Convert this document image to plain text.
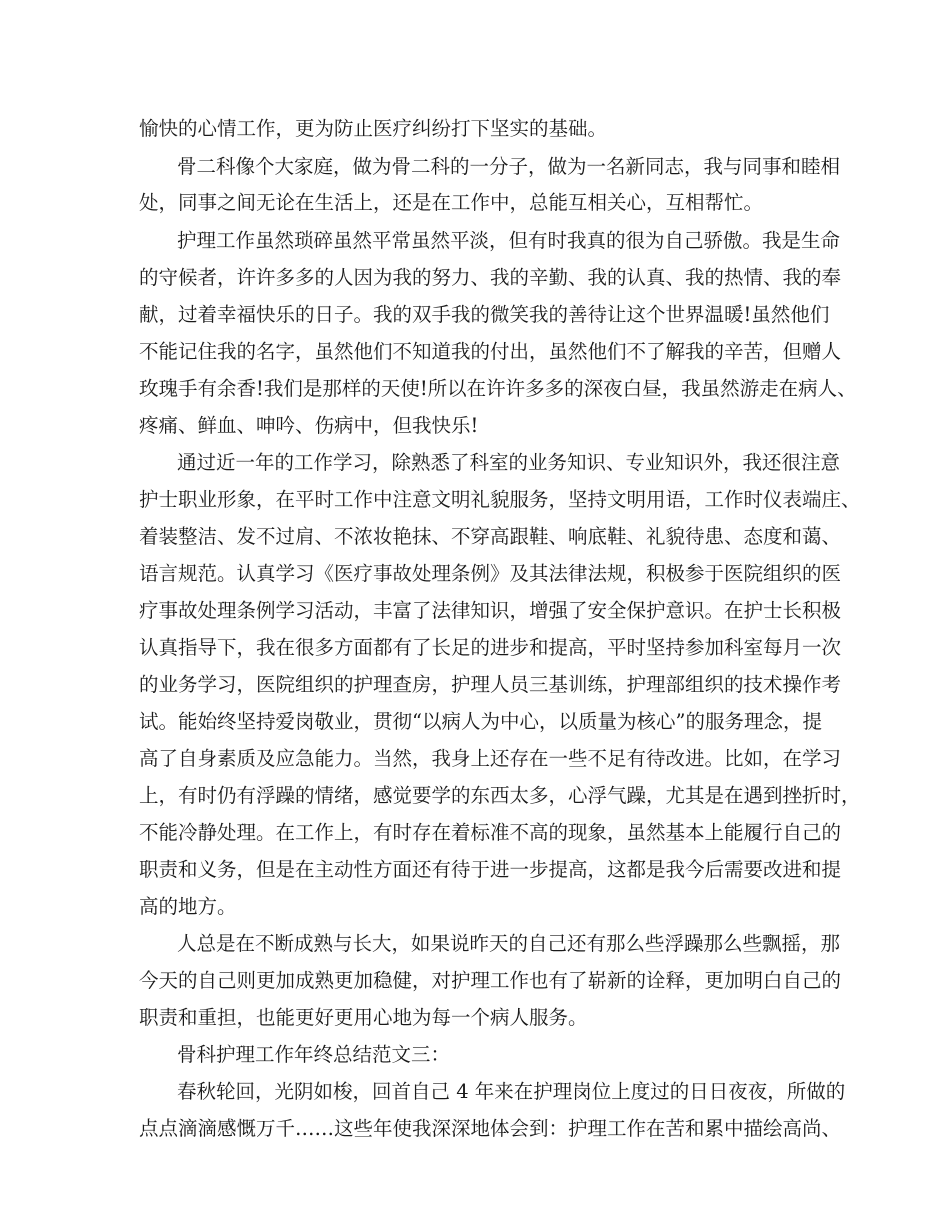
愉快的心情工作，更为防止医疗纠纷打下坚实的基础。
骨二科像个大家庭，做为骨二科的一分子，做为一名新同志，我与同事和睦相
处，同事之间无论在生活上，还是在工作中，总能互相关心，互相帮忙。
护理工作虽然琐碎虽然平常虽然平淡，但有时我真的很为自己骄傲。我是生命
的守候者，许许多多的人因为我的努力、我的辛勤、我的认真、我的热情、我的奉
献，过着幸福快乐的日子。我的双手我的微笑我的善待让这个世界温暖!虽然他们
不能记住我的名字，虽然他们不知道我的付出，虽然他们不了解我的辛苦，但赠人
玫瑰手有余香!我们是那样的天使!所以在许许多多的深夜白昼，我虽然游走在病人、
疼痛、鲜血、呻吟、伤病中，但我快乐!
通过近一年的工作学习，除熟悉了科室的业务知识、专业知识外，我还很注意
护士职业形象，在平时工作中注意文明礼貌服务，坚持文明用语，工作时仪表端庄、
着装整洁、发不过肩、不浓妆艳抹、不穿高跟鞋、响底鞋、礼貌待患、态度和蔼、
语言规范。认真学习《医疗事故处理条例》及其法律法规，积极参于医院组织的医
疗事故处理条例学习活动，丰富了法律知识，增强了安全保护意识。在护士长积极
认真指导下，我在很多方面都有了长足的进步和提高，平时坚持参加科室每月一次
的业务学习，医院组织的护理查房，护理人员三基训练，护理部组织的技术操作考
试。能始终坚持爱岗敬业，贯彻“以病人为中心，以质量为核心”的服务理念，提
高了自身素质及应急能力。当然，我身上还存在一些不足有待改进。比如，在学习
上，有时仍有浮躁的情绪，感觉要学的东西太多，心浮气躁，尤其是在遇到挫折时，
不能冷静处理。在工作上，有时存在着标准不高的现象，虽然基本上能履行自己的
职责和义务，但是在主动性方面还有待于进一步提高，这都是我今后需要改进和提
高的地方。
人总是在不断成熟与长大，如果说昨天的自己还有那么些浮躁那么些飘摇，那
今天的自己则更加成熟更加稳健，对护理工作也有了崭新的诠释，更加明白自己的
职责和重担，也能更好更用心地为每一个病人服务。
骨科护理工作年终总结范文三：
春秋轮回，光阴如梭，回首自己 4 年来在护理岗位上度过的日日夜夜，所做的
点点滴滴感慨万千……这些年使我深深地体会到：护理工作在苦和累中描绘高尚、
